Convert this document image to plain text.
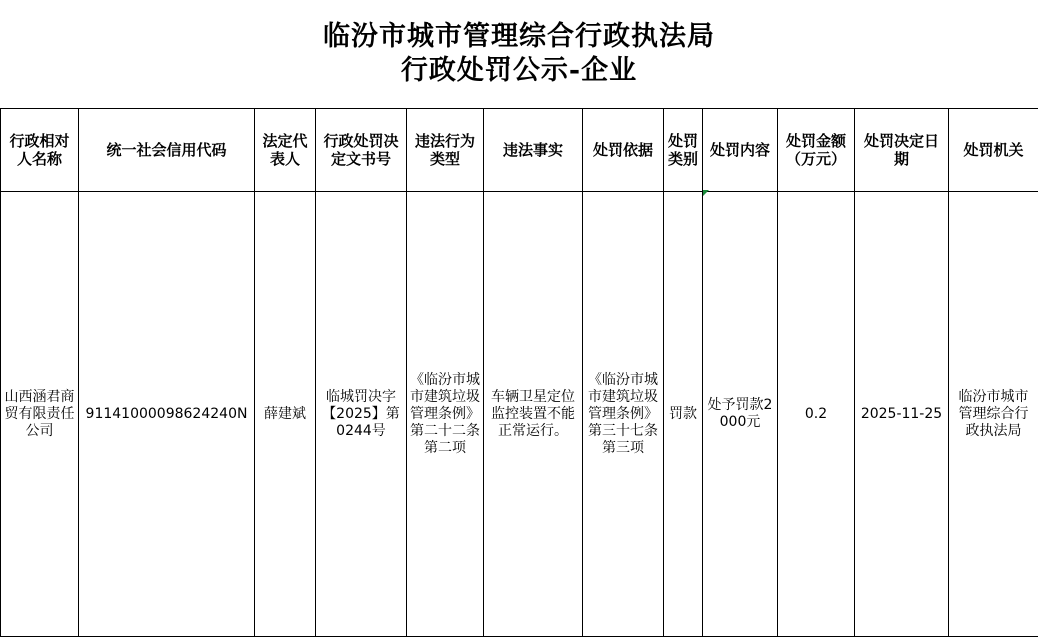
临汾市城市管理综合行政执法局
行政处罚公示-企业
行政相对人名称	统一社会信用代码	法定代表人	行政处罚决定文书号	违法行为类型	违法事实	处罚依据	处罚类别	处罚内容	处罚金额（万元）	处罚决定日期	处罚机关
山西涵君商贸有限责任公司	91141000098624240N	薛建斌	临城罚决字【2025】第0244号	《临汾市城市建筑垃圾管理条例》第二十二条第二项	车辆卫星定位监控装置不能正常运行。	《临汾市城市建筑垃圾管理条例》第三十七条第三项	罚款	处予罚款2000元	0.2	2025-11-25	临汾市城市管理综合行政执法局
